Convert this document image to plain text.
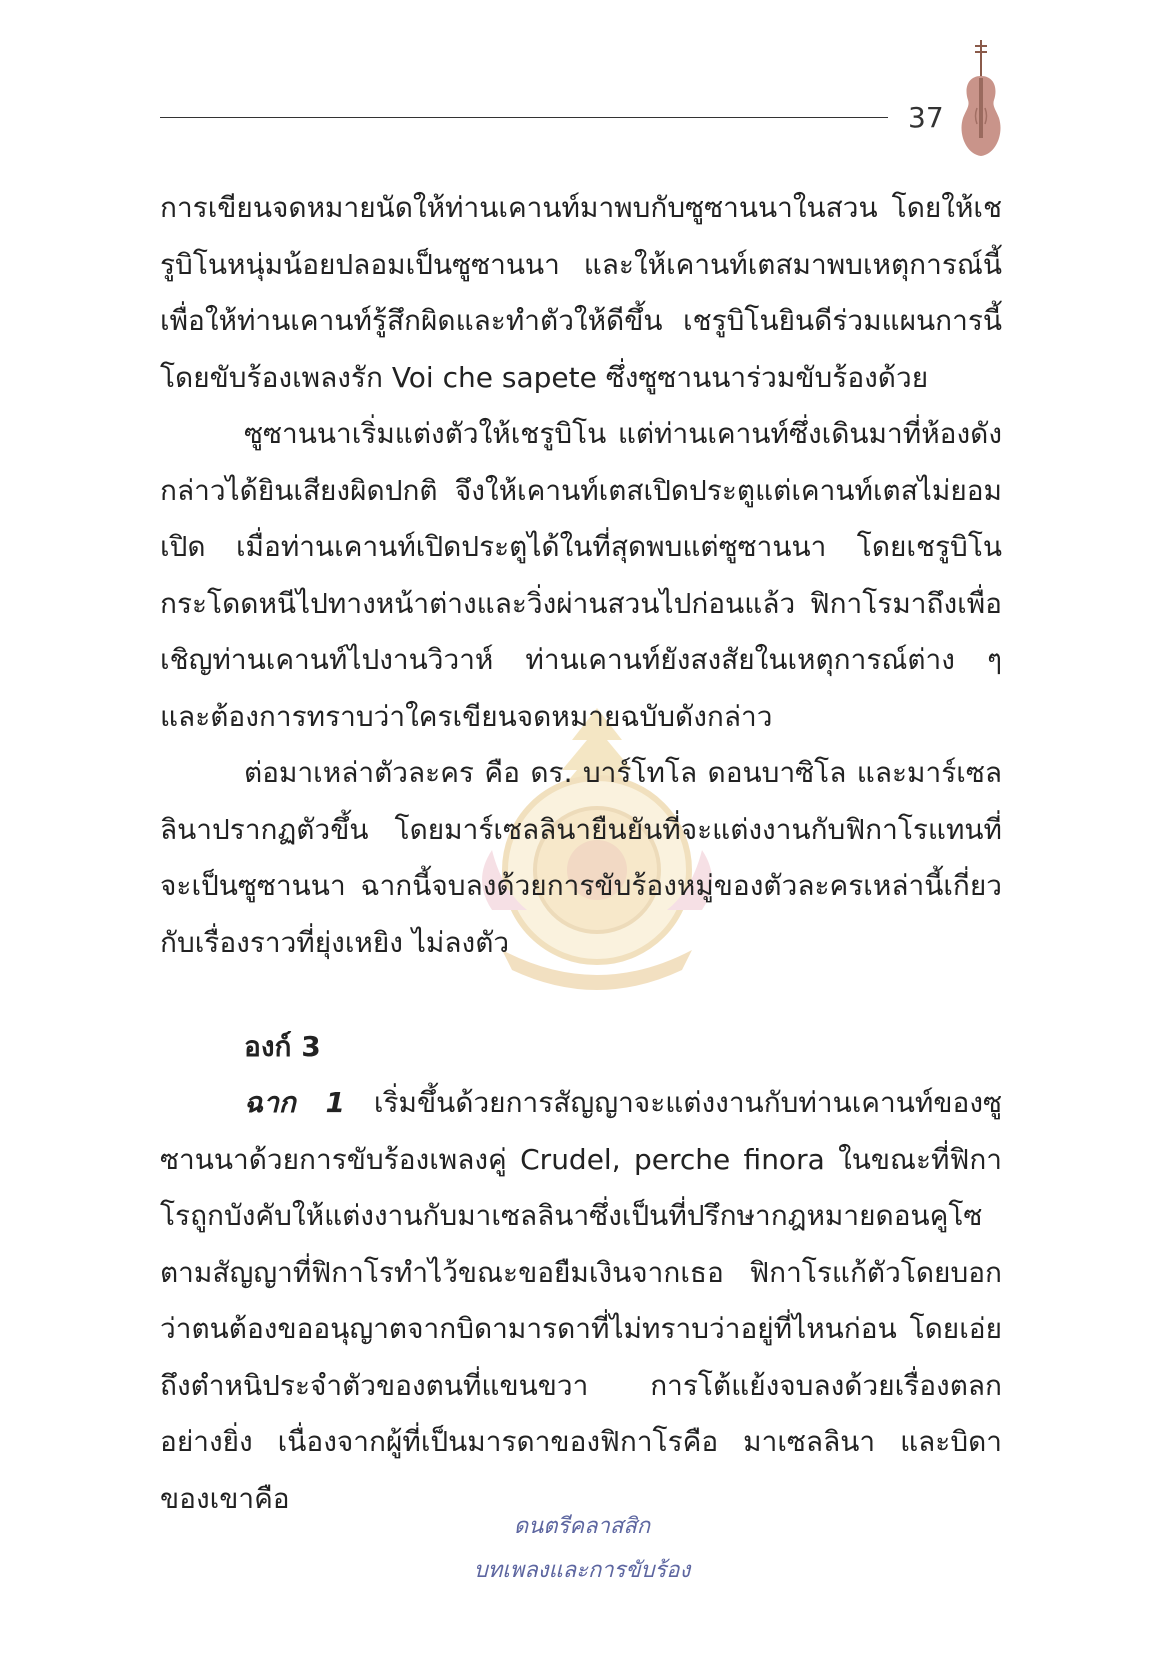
37

การเขียนจดหมายนัดให้ท่านเคานท์มาพบกับซูซานนาในสวน โดยให้เชรูบิโนหนุ่มน้อยปลอมเป็นซูซานนา และให้เคานท์เตสมาพบเหตุการณ์นี้ เพื่อให้ท่านเคานท์รู้สึกผิดและทำตัวให้ดีขึ้น เชรูบิโนยินดีร่วมแผนการนี้โดยขับร้องเพลงรัก Voi che sapete ซึ่งซูซานนาร่วมขับร้องด้วย

ซูซานนาเริ่มแต่งตัวให้เชรูบิโน แต่ท่านเคานท์ซึ่งเดินมาที่ห้องดังกล่าวได้ยินเสียงผิดปกติ จึงให้เคานท์เตสเปิดประตูแต่เคานท์เตสไม่ยอมเปิด เมื่อท่านเคานท์เปิดประตูได้ในที่สุดพบแต่ซูซานนา โดยเชรูบิโนกระโดดหนีไปทางหน้าต่างและวิ่งผ่านสวนไปก่อนแล้ว ฟิกาโรมาถึงเพื่อเชิญท่านเคานท์ไปงานวิวาห์ ท่านเคานท์ยังสงสัยในเหตุการณ์ต่าง ๆ และต้องการทราบว่าใครเขียนจดหมายฉบับดังกล่าว

ต่อมาเหล่าตัวละคร คือ ดร. บาร์โทโล ดอนบาซิโล และมาร์เซลลินาปรากฏตัวขึ้น โดยมาร์เซลลินายืนยันที่จะแต่งงานกับฟิกาโรแทนที่จะเป็นซูซานนา ฉากนี้จบลงด้วยการขับร้องหมู่ของตัวละครเหล่านี้เกี่ยวกับเรื่องราวที่ยุ่งเหยิง ไม่ลงตัว

องก์ 3

ฉาก 1 เริ่มขึ้นด้วยการสัญญาจะแต่งงานกับท่านเคานท์ของซูซานนาด้วยการขับร้องเพลงคู่ Crudel, perche finora ในขณะที่ฟิกาโรถูกบังคับให้แต่งงานกับมาเซลลินาซึ่งเป็นที่ปรึกษากฎหมายดอนคูโซตามสัญญาที่ฟิกาโรทำไว้ขณะขอยืมเงินจากเธอ ฟิกาโรแก้ตัวโดยบอกว่าตนต้องขออนุญาตจากบิดามารดาที่ไม่ทราบว่าอยู่ที่ไหนก่อน โดยเอ่ยถึงตำหนิประจำตัวของตนที่แขนขวา การโต้แย้งจบลงด้วยเรื่องตลกอย่างยิ่ง เนื่องจากผู้ที่เป็นมารดาของฟิกาโรคือ มาเซลลินา และบิดาของเขาคือ

ดนตรีคลาสสิก
บทเพลงและการขับร้อง
